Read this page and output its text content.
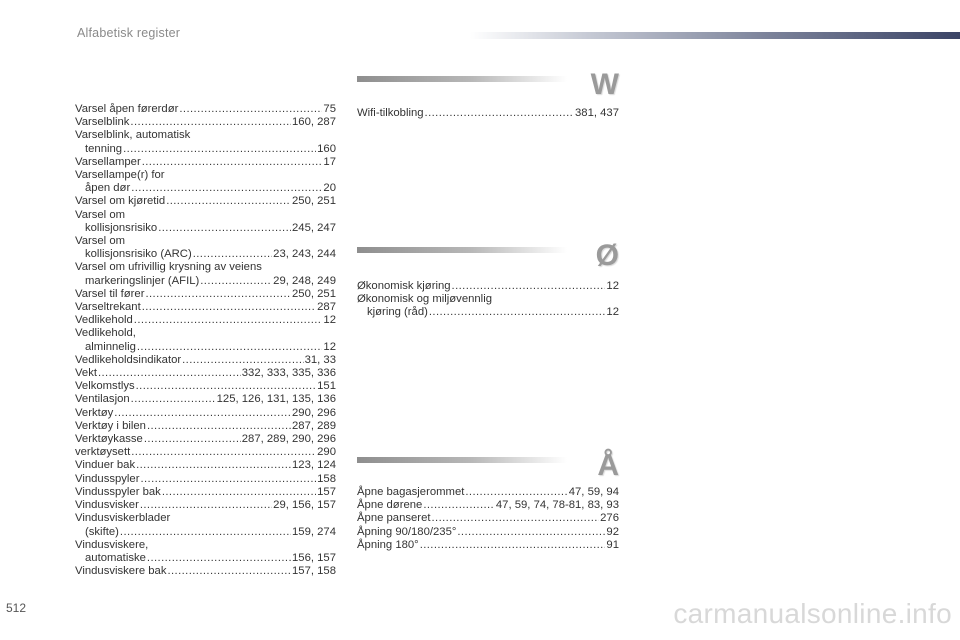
Alfabetisk register
Varsel åpen førerdør .....	75
Varselblink .....	160, 287
Varselblink, automatisk
tenning .....	160
Varsellamper .....	17
Varsellampe(r) for
åpen dør .....	20
Varsel om kjøretid .....	250, 251
Varsel om
kollisjonsrisiko .....	245, 247
Varsel om
kollisjonsrisiko (ARC) .....	23, 243, 244
Varsel om ufrivillig krysning av veiens
markeringslinjer (AFIL) .....	29, 248, 249
Varsel til fører .....	250, 251
Varseltrekant .....	287
Vedlikehold .....	12
Vedlikehold,
alminnelig .....	12
Vedlikeholdsindikator .....	31, 33
Vekt .....	332, 333, 335, 336
Velkomstlys .....	151
Ventilasjon .....	125, 126, 131, 135, 136
Verktøy .....	290, 296
Verktøy i bilen .....	287, 289
Verktøykasse .....	287, 289, 290, 296
verktøysett .....	290
Vinduer bak .....	123, 124
Vindusspyler .....	158
Vindusspyler bak .....	157
Vindusvisker .....	29, 156, 157
Vindusviskerblader
(skifte) .....	159, 274
Vindusviskere,
automatiske .....	156, 157
Vindusviskere bak .....	157, 158
W
Wifi-tilkobling .....	381, 437
Ø
Økonomisk kjøring .....	12
Økonomisk og miljøvennlig
kjøring (råd) .....	12
Å
Åpne bagasjerommet .....	47, 59, 94
Åpne dørene .....	47, 59, 74, 78-81, 83, 93
Åpne panseret .....	276
Åpning 90/180/235° .....	92
Åpning 180° .....	91
512	carmanualsonline.info
